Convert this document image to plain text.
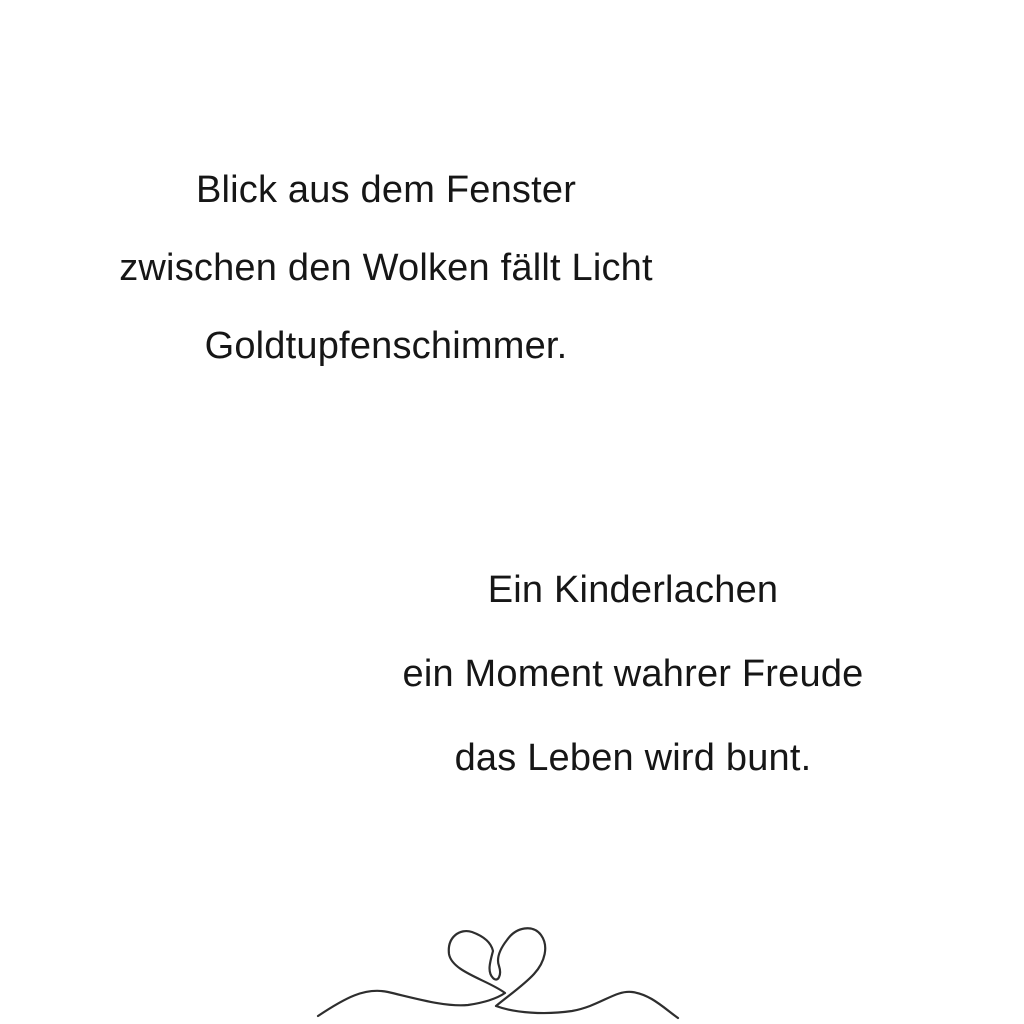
Blick aus dem Fenster
zwischen den Wolken fällt Licht
Goldtupfenschimmer.
Ein Kinderlachen
ein Moment wahrer Freude
das Leben wird bunt.
